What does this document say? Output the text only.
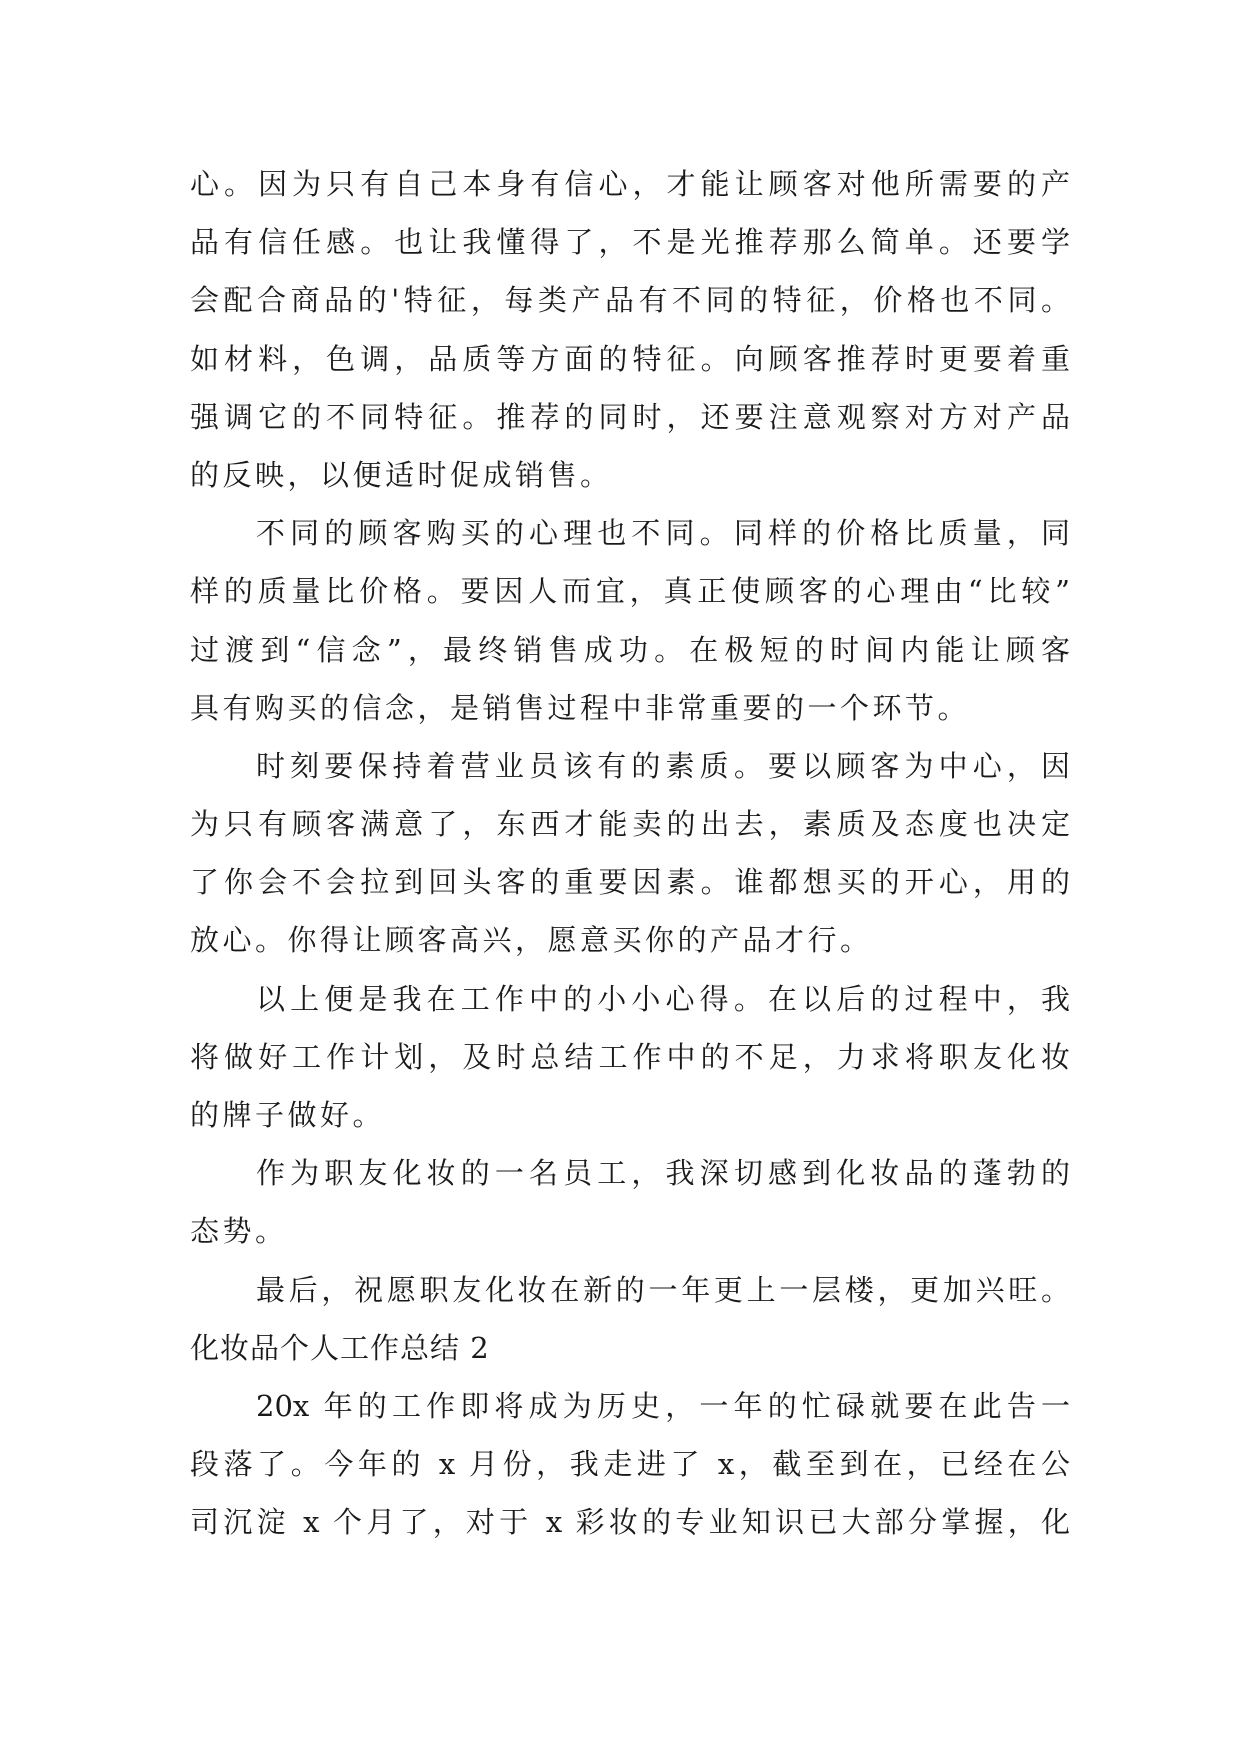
心。因为只有自己本身有信心，才能让顾客对他所需要的产
品有信任感。也让我懂得了，不是光推荐那么简单。还要学
会配合商品的'特征，每类产品有不同的特征，价格也不同。
如材料，色调，品质等方面的特征。向顾客推荐时更要着重
强调它的不同特征。推荐的同时，还要注意观察对方对产品
的反映，以便适时促成销售。
不同的顾客购买的心理也不同。同样的价格比质量，同
样的质量比价格。要因人而宜，真正使顾客的心理由“比较”
过渡到“信念”，最终销售成功。在极短的时间内能让顾客
具有购买的信念，是销售过程中非常重要的一个环节。
时刻要保持着营业员该有的素质。要以顾客为中心，因
为只有顾客满意了，东西才能卖的出去，素质及态度也决定
了你会不会拉到回头客的重要因素。谁都想买的开心，用的
放心。你得让顾客高兴，愿意买你的产品才行。
以上便是我在工作中的小小心得。在以后的过程中，我
将做好工作计划，及时总结工作中的不足，力求将职友化妆
的牌子做好。
作为职友化妆的一名员工，我深切感到化妆品的蓬勃的
态势。
最后，祝愿职友化妆在新的一年更上一层楼，更加兴旺。
化妆品个人工作总结 2
20x 年的工作即将成为历史，一年的忙碌就要在此告一
段落了。今年的 x 月份，我走进了 x，截至到在，已经在公
司沉淀 x 个月了，对于 x 彩妆的专业知识已大部分掌握，化
